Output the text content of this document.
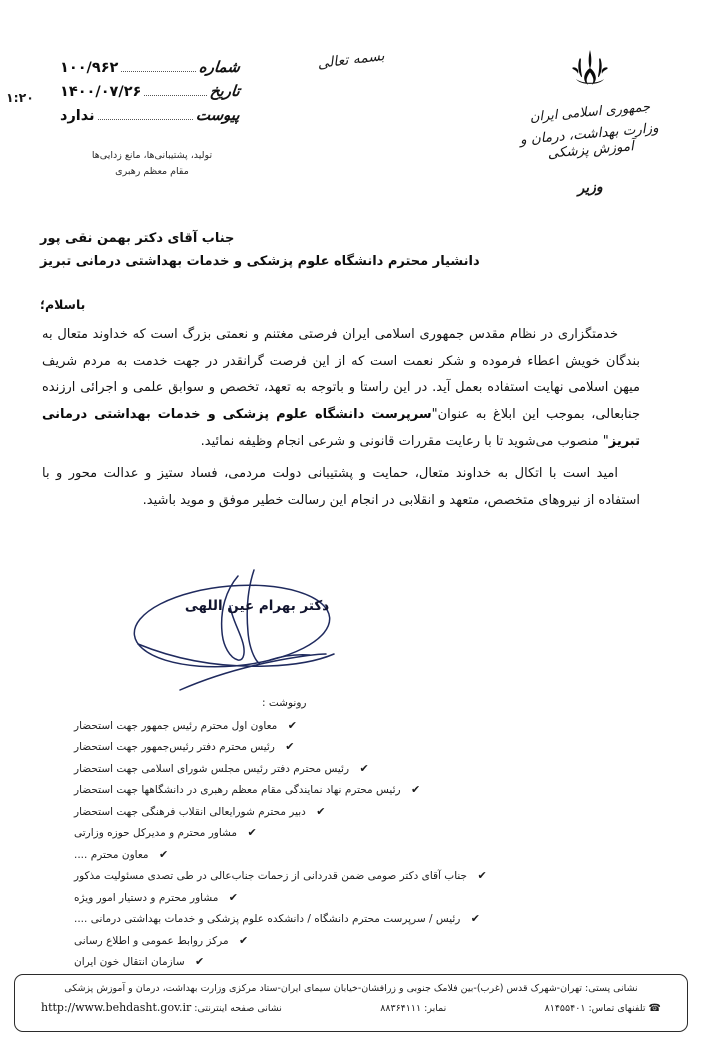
۱:۲۰
شماره
۱۰۰/۹۶۲
تاریخ
۱۴۰۰/۰۷/۲۶
پیوست
ندارد
تولید، پشتیبانی‌ها، مانع زدایی‌ها
مقام معظم رهبری
بسمه تعالی
جمهوری اسلامی ایران
وزارت بهداشت، درمان و آموزش پزشکی
وزیر
جناب آقای دکتر بهمن نقی پور
دانشیار محترم دانشگاه علوم پزشکی و خدمات بهداشتی درمانی تبریز
باسلام؛

خدمتگزاری در نظام مقدس جمهوری اسلامی ایران فرصتی مغتنم و نعمتی بزرگ است که خداوند متعال به بندگان خویش اعطاء فرموده و شکر نعمت است که از این فرصت گرانقدر در جهت خدمت به مردم شریف میهن اسلامی نهایت استفاده بعمل آید. در این راستا و باتوجه به تعهد، تخصص و سوابق علمی و اجرائی ارزنده جنابعالی، بموجب این ابلاغ به عنوان"سرپرست دانشگاه علوم پزشکی و خدمات بهداشتی درمانی تبریز" منصوب می‌شوید تا با رعایت مقررات قانونی و شرعی انجام وظیفه نمائید.

امید است با اتکال به خداوند متعال، حمایت و پشتیبانی دولت مردمی، فساد ستیز و عدالت محور و با استفاده از نیروهای متخصص، متعهد و انقلابی در انجام این رسالت خطیر موفق و موید باشید.

دکتر بهرام عین اللهی
رونوشت :
✔
معاون اول محترم رئیس جمهور جهت استحضار
✔
رئیس محترم دفتر رئیس‌جمهور جهت استحضار
✔
رئیس محترم دفتر رئیس مجلس شورای اسلامی جهت استحضار
✔
رئیس محترم نهاد نمایندگی مقام معظم رهبری در دانشگاهها جهت استحضار
✔
دبیر محترم شورایعالی انقلاب فرهنگی جهت استحضار
✔
مشاور محترم و مدیرکل حوزه وزارتی
✔
معاون محترم ....
✔
جناب آقای دکتر صومی ضمن قدردانی از زحمات جناب‌عالی در طی تصدی مسئولیت مذکور
✔
مشاور محترم و دستیار امور ویژه
✔
رئیس / سرپرست محترم دانشگاه / دانشکده علوم پزشکی و خدمات بهداشتی درمانی ....
✔
مرکز روابط عمومی و اطلاع رسانی
✔
سازمان انتقال خون ایران
نشانی پستی: تهران-شهرک قدس (غرب)-بین فلامک جنوبی و زرافشان-خیابان سیمای ایران-ستاد مرکزی وزارت بهداشت، درمان و آموزش پزشکی
☎ تلفنهای تماس: ۸۱۴۵۵۴۰۱
نمابر: ۸۸۳۶۴۱۱۱
نشانی صفحه اینترنتی: http://www.behdasht.gov.ir
